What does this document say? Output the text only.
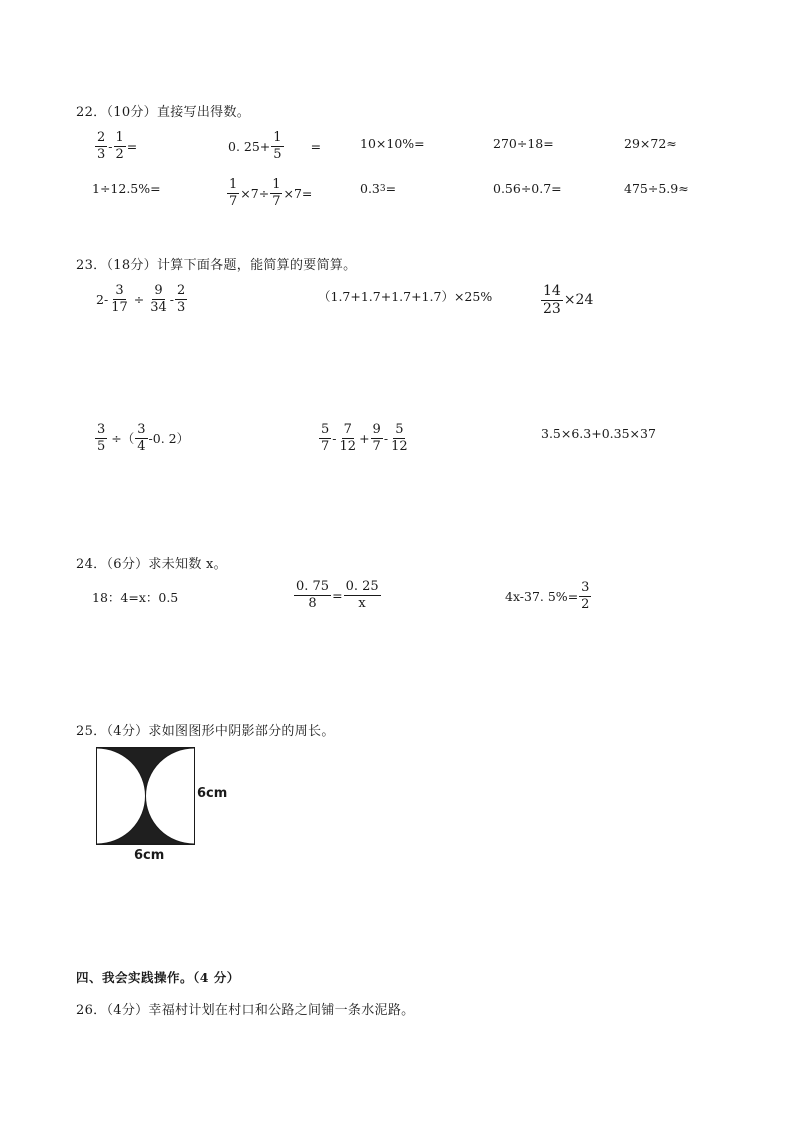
22．（10分）直接写出得数。
$\frac{2}{3} - \frac{1}{2}$ =	0. $25+ \frac{1}{5}$ =	10×10%=	270÷18=	29×72≈
1÷12.5%=	$\frac{1}{7} \times 7\div \frac{1}{7} \times 7=$	0.3 3 =	0.56÷0.7=	475÷5.9≈
23．（18分）计算下面各题，能简算的要简算。
$2- \frac{3}{17} \div \frac{9}{34} - \frac{2}{3}$	（1.7+1.7+1.7+1.7）×25%	$\frac{14}{23} \times 24$
$\frac{3}{5}$ ÷（ $\frac{3}{4} -0$. 2）	$\frac{5}{7} - \frac{7}{12} + \frac{9}{7} - \frac{5}{12}$	3.5×6.3+0.35×37
24．（6分）求未知数 x。
18：4=x：0.5	$\frac{0. 75}{8} = \frac{0. 25}{x}$	4x-37. $5\%= \frac{3}{2}$
25．（4分）求如图图形中阴影部分的周长。
6cm
6cm
四、我会实践操作。（4 分）
26．（4分）幸福村计划在村口和公路之间铺一条水泥路。
